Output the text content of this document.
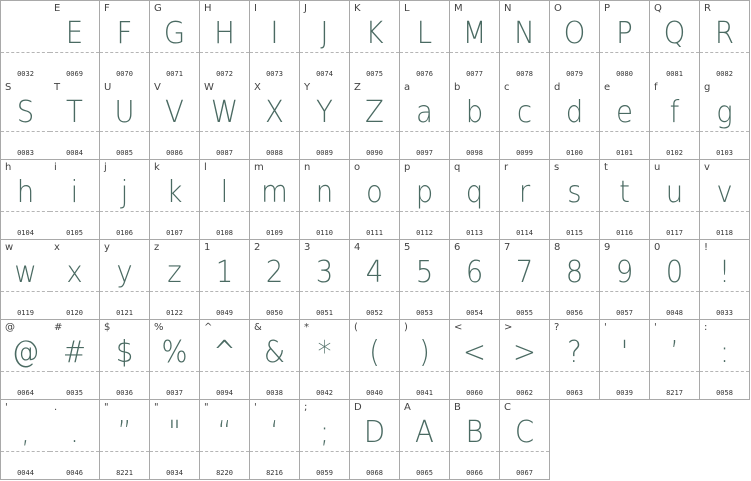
0032
E
E
0069
F
F
0070
G
G
0071
H
H
0072
I
I
0073
J
J
0074
K
K
0075
L
L
0076
M
M
0077
N
N
0078
O
O
0079
P
P
0080
Q
Q
0081
R
R
0082
S
S
0083
T
T
0084
U
U
0085
V
V
0086
W
W
0087
X
X
0088
Y
Y
0089
Z
Z
0090
a
a
0097
b
b
0098
c
c
0099
d
d
0100
e
e
0101
f
f
0102
g
g
0103
h
h
0104
i
i
0105
j
j
0106
k
k
0107
l
l
0108
m
m
0109
n
n
0110
o
o
0111
p
p
0112
q
q
0113
r
r
0114
s
s
0115
t
t
0116
u
u
0117
v
v
0118
w
w
0119
x
x
0120
y
y
0121
z
z
0122
1
1
0049
2
2
0050
3
3
0051
4
4
0052
5
5
0053
6
6
0054
7
7
0055
8
8
0056
9
9
0057
0
0
0048
!
!
0033
@
@
0064
#
#
0035
$
$
0036
%
%
0037
^
^
0094
&
&
0038
*
*
0042
(
(
0040
)
)
0041
<
<
0060
>
>
0062
?
?
0063
'
'
0039
'
’
8217
:
:
0058
'
,
0044
.
.
0046
"
”
8221
"
"
0034
"
“
8220
'
‘
8216
;
;
0059
D
D
0068
A
A
0065
B
B
0066
C
C
0067
